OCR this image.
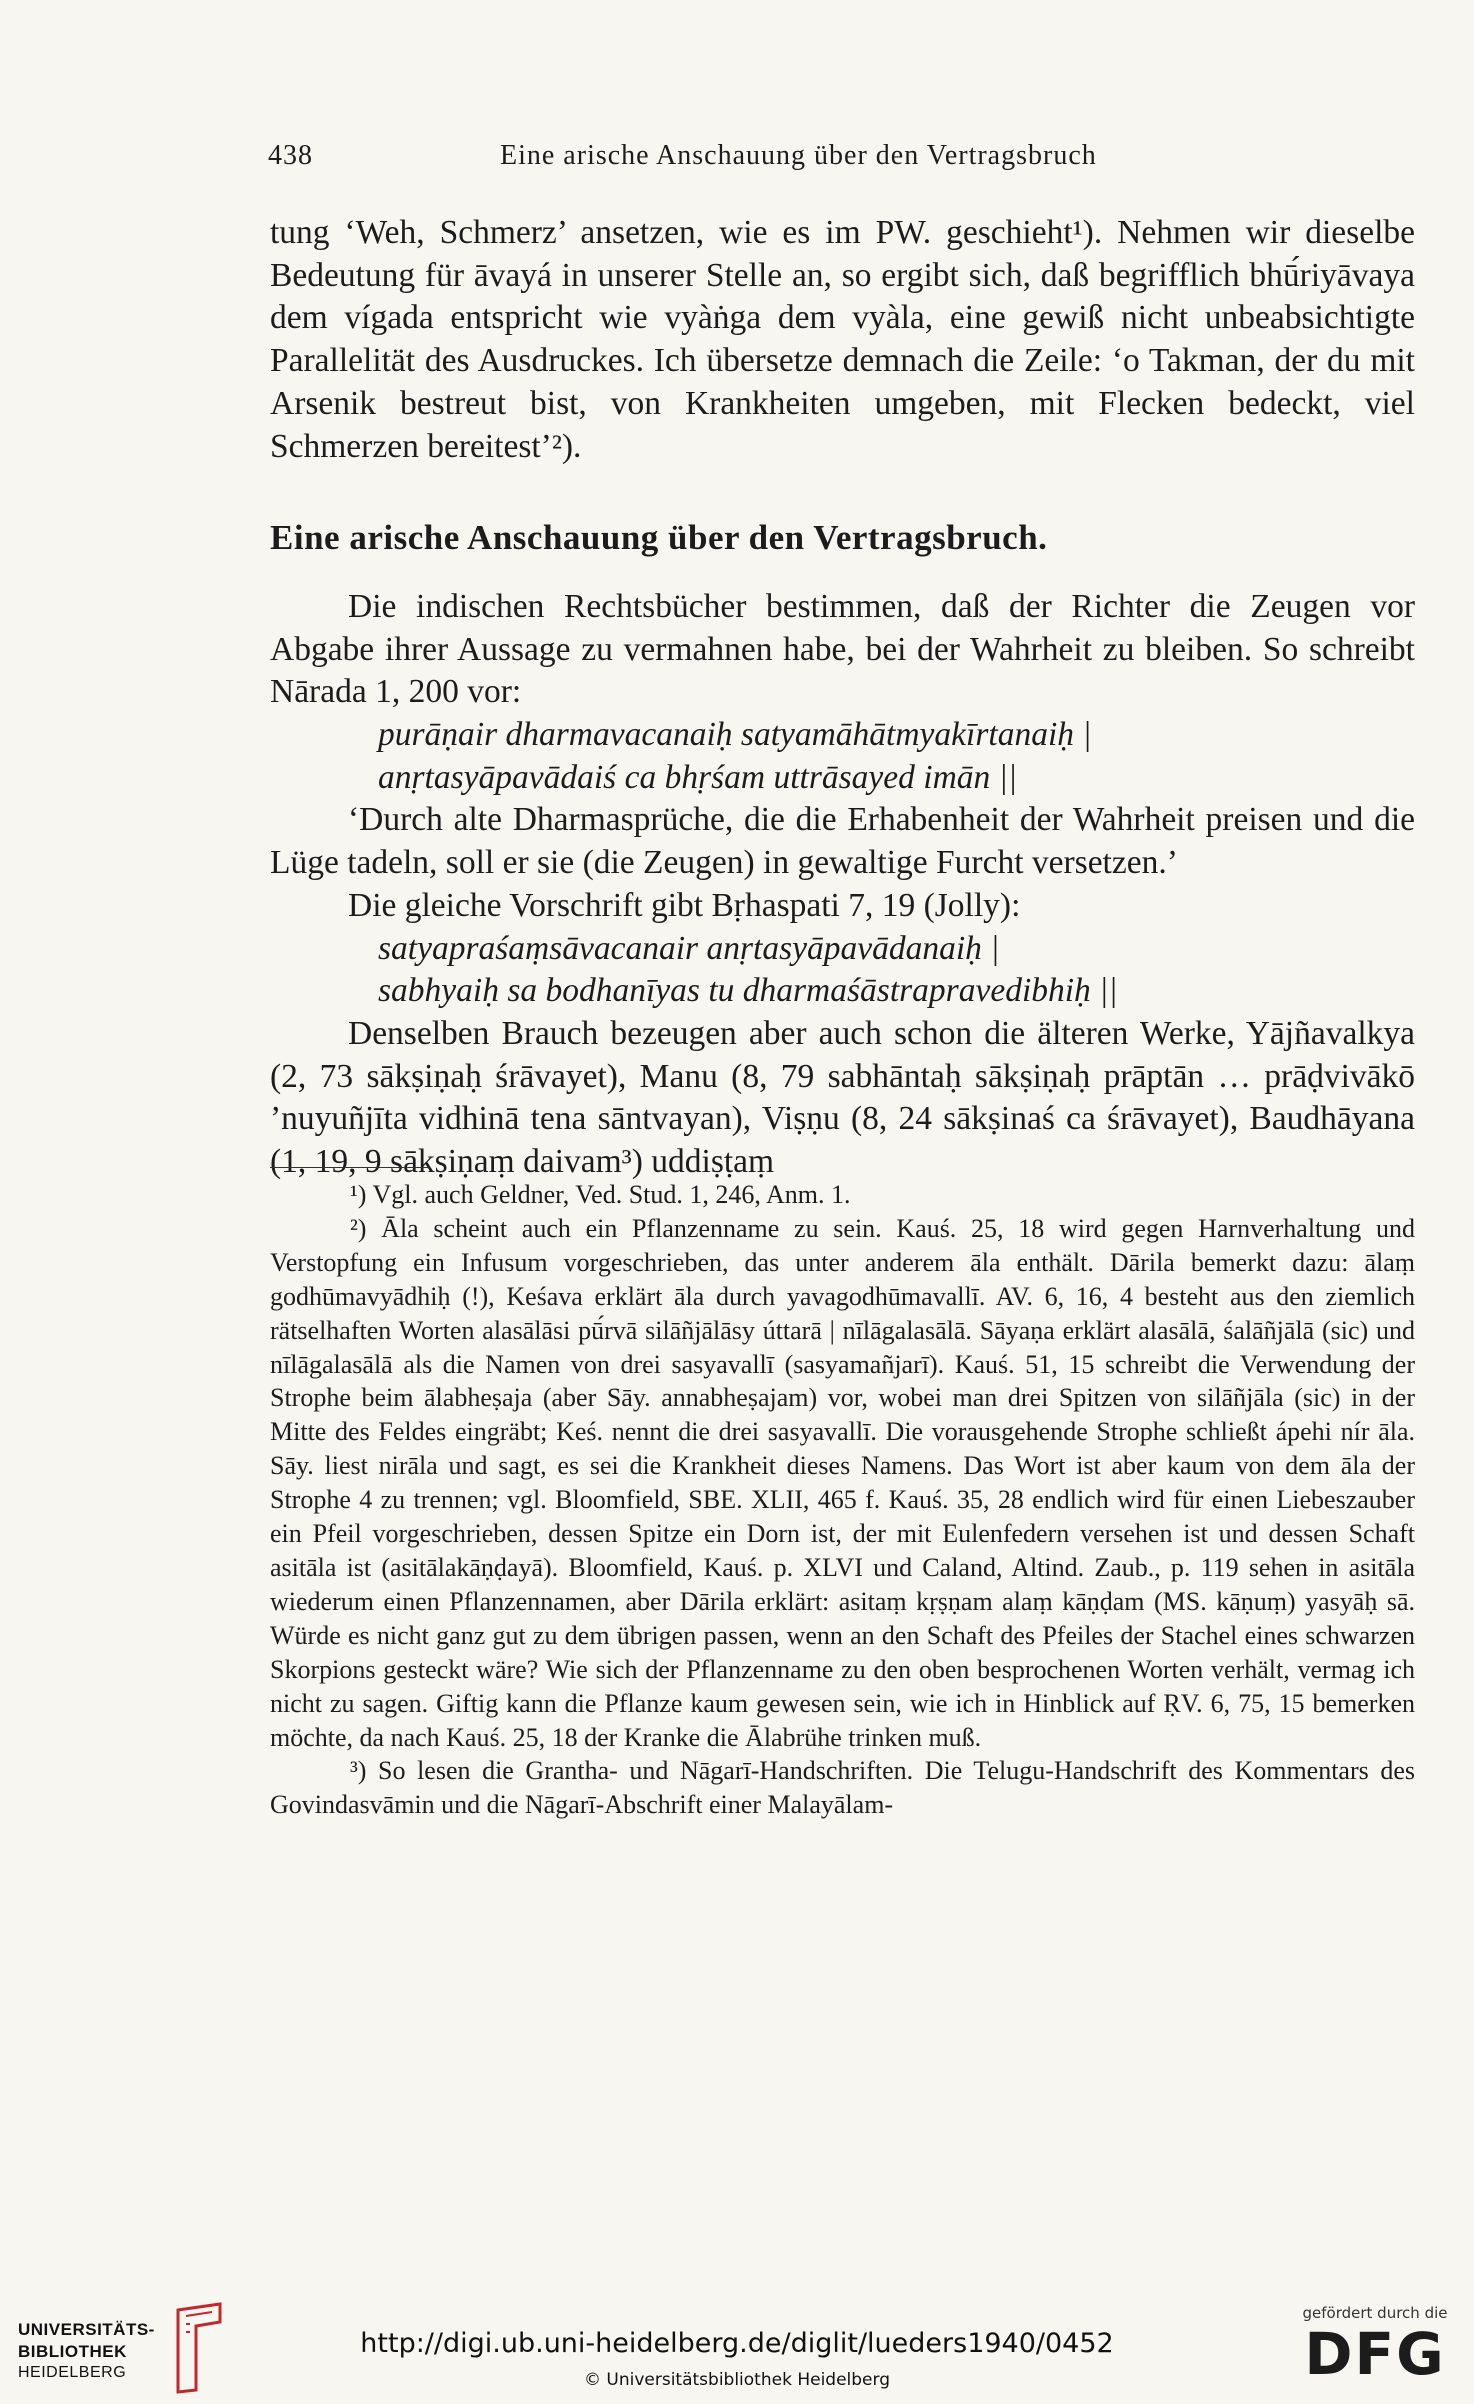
438	Eine arische Anschauung über den Vertragsbruch

tung ‘Weh, Schmerz’ ansetzen, wie es im PW. geschieht¹). Nehmen wir dieselbe Bedeutung für āvayá in unserer Stelle an, so ergibt sich, daß begrifflich bhū́riyāvaya dem vígada entspricht wie vyàṅga dem vyàla, eine gewiß nicht unbeabsichtigte Parallelität des Ausdruckes. Ich übersetze demnach die Zeile: ‘o Takman, der du mit Arsenik bestreut bist, von Krankheiten umgeben, mit Flecken bedeckt, viel Schmerzen bereitest’²).

Eine arische Anschauung über den Vertragsbruch.

Die indischen Rechtsbücher bestimmen, daß der Richter die Zeugen vor Abgabe ihrer Aussage zu vermahnen habe, bei der Wahrheit zu bleiben. So schreibt Nārada 1, 200 vor:

purāṇair dharmavacanaiḥ satyamāhātmyakīrtanaiḥ |

anṛtasyāpavādaiś ca bhṛśam uttrāsayed imān ||

‘Durch alte Dharmasprüche, die die Erhabenheit der Wahrheit preisen und die Lüge tadeln, soll er sie (die Zeugen) in gewaltige Furcht versetzen.’

Die gleiche Vorschrift gibt Bṛhaspati 7, 19 (Jolly):

satyapraśaṃsāvacanair anṛtasyāpavādanaiḥ |

sabhyaiḥ sa bodhanīyas tu dharmaśāstrapravedibhiḥ ||

Denselben Brauch bezeugen aber auch schon die älteren Werke, Yājñavalkya (2, 73 sākṣiṇaḥ śrāvayet), Manu (8, 79 sabhāntaḥ sākṣiṇaḥ prāptān … prāḍvivākō ’nuyuñjīta vidhinā tena sāntvayan), Viṣṇu (8, 24 sākṣinaś ca śrāvayet), Baudhāyana (1, 19, 9 sākṣiṇaṃ daivam³) uddiṣṭaṃ

¹) Vgl. auch Geldner, Ved. Stud. 1, 246, Anm. 1.

²) Āla scheint auch ein Pflanzenname zu sein. Kauś. 25, 18 wird gegen Harnverhaltung und Verstopfung ein Infusum vorgeschrieben, das unter anderem āla enthält. Dārila bemerkt dazu: ālaṃ godhūmavyādhiḥ (!), Keśava erklärt āla durch yavagodhūmavallī. AV. 6, 16, 4 besteht aus den ziemlich rätselhaften Worten alasālāsi pū́rvā silāñjālāsy úttarā | nīlāgalasālā. Sāyaṇa erklärt alasālā, śalāñjālā (sic) und nīlāgalasālā als die Namen von drei sasyavallī (sasyamañjarī). Kauś. 51, 15 schreibt die Verwendung der Strophe beim ālabheṣaja (aber Sāy. annabheṣajam) vor, wobei man drei Spitzen von silāñjāla (sic) in der Mitte des Feldes eingräbt; Keś. nennt die drei sasyavallī. Die vorausgehende Strophe schließt ápehi nír āla. Sāy. liest nirāla und sagt, es sei die Krankheit dieses Namens. Das Wort ist aber kaum von dem āla der Strophe 4 zu trennen; vgl. Bloomfield, SBE. XLII, 465 f. Kauś. 35, 28 endlich wird für einen Liebeszauber ein Pfeil vorgeschrieben, dessen Spitze ein Dorn ist, der mit Eulenfedern versehen ist und dessen Schaft asitāla ist (asitālakāṇḍayā). Bloomfield, Kauś. p. XLVI und Caland, Altind. Zaub., p. 119 sehen in asitāla wiederum einen Pflanzennamen, aber Dārila erklärt: asitaṃ kṛṣṇam alaṃ kāṇḍam (MS. kāṇuṃ) yasyāḥ sā. Würde es nicht ganz gut zu dem übrigen passen, wenn an den Schaft des Pfeiles der Stachel eines schwarzen Skorpions gesteckt wäre? Wie sich der Pflanzenname zu den oben besprochenen Worten verhält, vermag ich nicht zu sagen. Giftig kann die Pflanze kaum gewesen sein, wie ich in Hinblick auf ṚV. 6, 75, 15 bemerken möchte, da nach Kauś. 25, 18 der Kranke die Ālabrühe trinken muß.

³) So lesen die Grantha- und Nāgarī-Handschriften. Die Telugu-Handschrift des Kommentars des Govindasvāmin und die Nāgarī-Abschrift einer Malayālam-

UNIVERSITÄTS-
BIBLIOTHEK
HEIDELBERG
http://digi.ub.uni-heidelberg.de/diglit/lueders1940/0452
© Universitätsbibliothek Heidelberg
gefördert durch die
DFG
